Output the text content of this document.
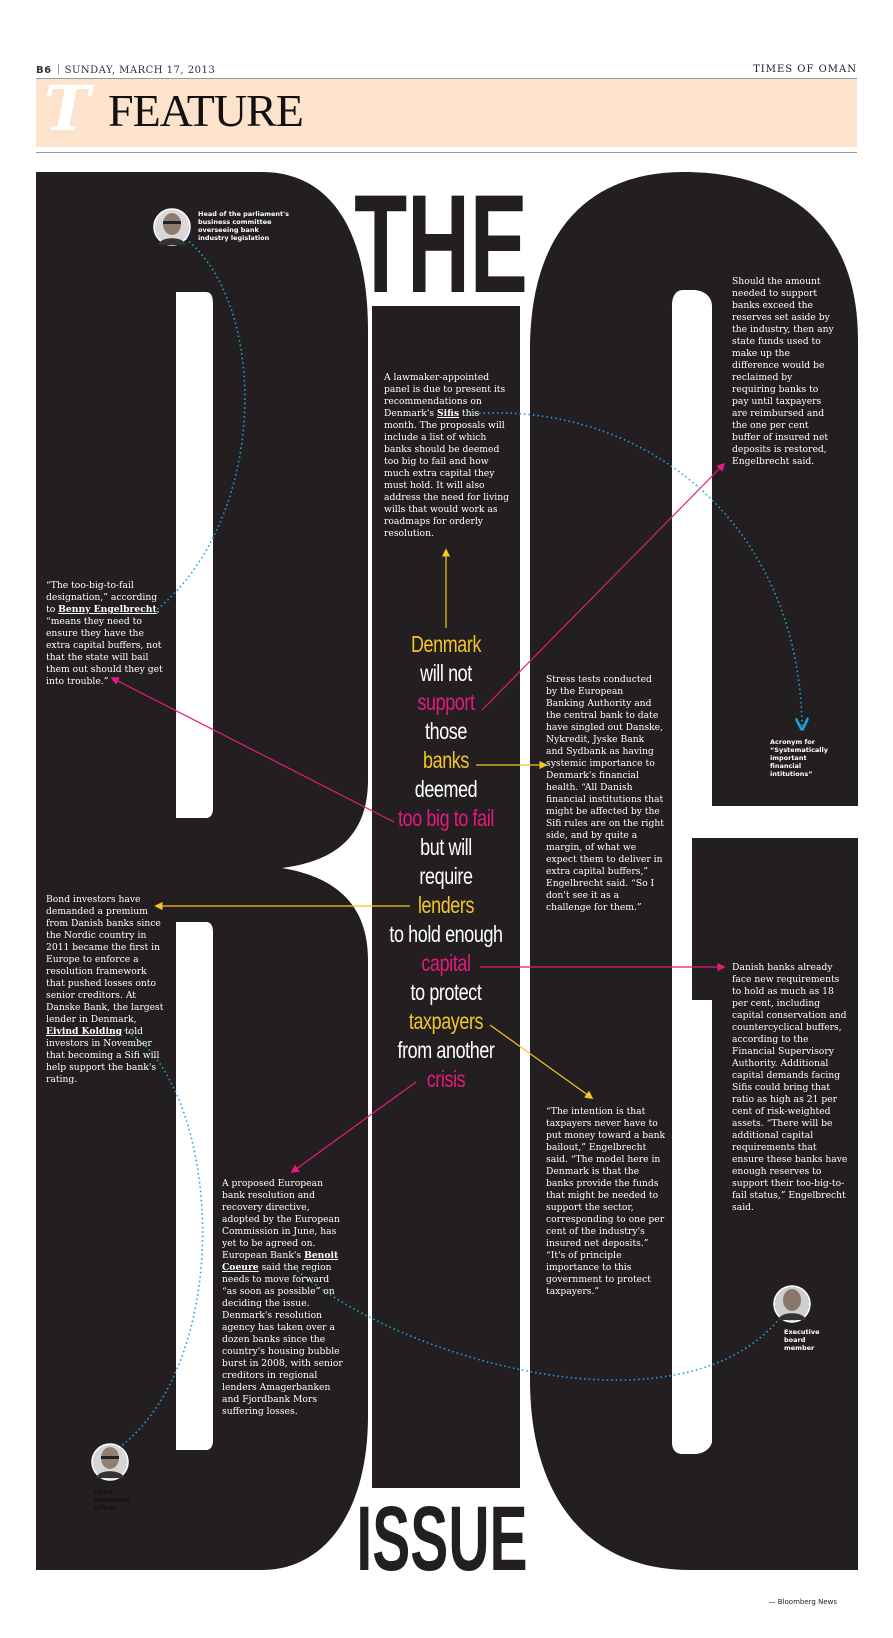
B6 SUNDAY, MARCH 17, 2013	TIMES OF OMAN
T FEATURE
THE
ISSUE
Denmark
will not
support
those
banks
deemed
too big to fail
but will
require
lenders
to hold enough
capital
to protect
taxpayers
from another
crisis
A lawmaker-appointed panel is due to present its recommendations on Denmark's Sifis this month. The proposals will include a list of which banks should be deemed too big to fail and how much extra capital they must hold. It will also address the need for living wills that would work as roadmaps for orderly resolution.
“The too-big-to-fail designation,” according to Benny Engelbrecht, “means they need to ensure they have the extra capital buffers, not that the state will bail them out should they get into trouble.”
Should the amount needed to support banks exceed the reserves set aside by the industry, then any state funds used to make up the difference would be reclaimed by requiring banks to pay until taxpayers are reimbursed and the one per cent buffer of insured net deposits is restored, Engelbrecht said.
Stress tests conducted by the European Banking Authority and the central bank to date have singled out Danske, Nykredit, Jyske Bank and Sydbank as having systemic importance to Denmark's financial health. “All Danish financial institutions that might be affected by the Sifi rules are on the right side, and by quite a margin, of what we expect them to deliver in extra capital buffers,” Engelbrecht said. “So I don't see it as a challenge for them.”
Bond investors have demanded a premium from Danish banks since the Nordic country in 2011 became the first in Europe to enforce a resolution framework that pushed losses onto senior creditors. At Danske Bank, the largest lender in Denmark, Eivind Kolding told investors in November that becoming a Sifi will help support the bank's rating.
Danish banks already face new requirements to hold as much as 18 per cent, including capital conservation and countercyclical buffers, according to the Financial Supervisory Authority. Additional capital demands facing Sifis could bring that ratio as high as 21 per cent of risk-weighted assets. “There will be additional capital requirements that ensure these banks have enough reserves to support their too-big-to-fail status,” Engelbrecht said.
“The intention is that taxpayers never have to put money toward a bank bailout,” Engelbrecht said. “The model here in Denmark is that the banks provide the funds that might be needed to support the sector, corresponding to one per cent of the industry's insured net deposits.” “It's of principle importance to this government to protect taxpayers.”
A proposed European bank resolution and recovery directive, adopted by the European Commission in June, has yet to be agreed on. European Bank's Benoit Coeure said the region needs to move forward “as soon as possible” on deciding the issue. Denmark's resolution agency has taken over a dozen banks since the country's housing bubble burst in 2008, with senior creditors in regional lenders Amagerbanken and Fjordbank Mors suffering losses.
Head of the parliament's business committee overseeing bank industry legislation
Acronym for “Systematically important financial intitutions”
Executive board member
Chief executive officer
— Bloomberg News
